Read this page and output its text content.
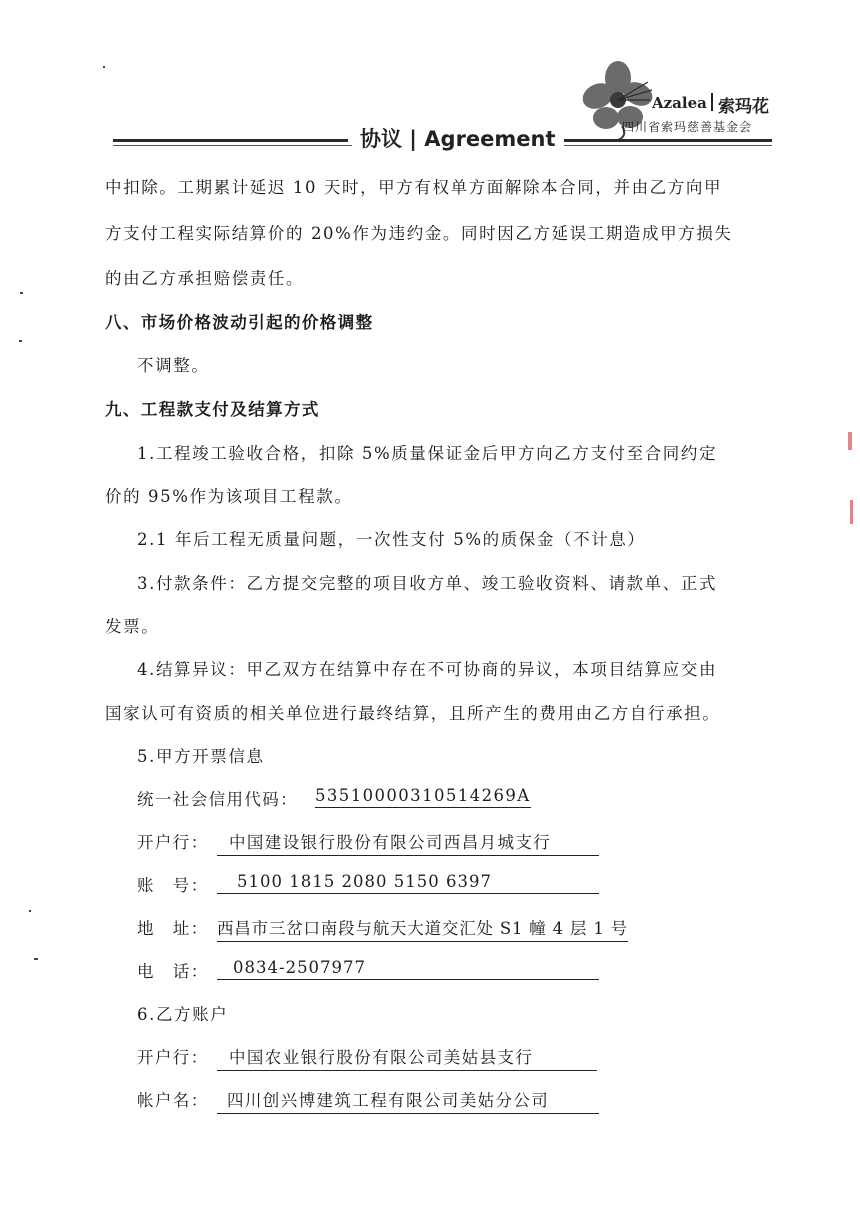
Azalea 索玛花
四川省索玛慈善基金会
协议 | Agreement
中扣除。工期累计延迟 10 天时，甲方有权单方面解除本合同，并由乙方向甲
方支付工程实际结算价的 20%作为违约金。同时因乙方延误工期造成甲方损失
的由乙方承担赔偿责任。
八、市场价格波动引起的价格调整
不调整。
九、工程款支付及结算方式
1.工程竣工验收合格，扣除 5%质量保证金后甲方向乙方支付至合同约定
价的 95%作为该项目工程款。
2.1 年后工程无质量问题，一次性支付 5%的质保金（不计息）
3.付款条件：乙方提交完整的项目收方单、竣工验收资料、请款单、正式
发票。
4.结算异议：甲乙双方在结算中存在不可协商的异议，本项目结算应交由
国家认可有资质的相关单位进行最终结算，且所产生的费用由乙方自行承担。
5.甲方开票信息
统一社会信用代码： 53510000310514269A
开户行：	中国建设银行股份有限公司西昌月城支行
账　号：	5100 1815 2080 5150 6397
地　址： 西昌市三岔口南段与航天大道交汇处 S1 幢 4 层 1 号
电　话：	0834-2507977
6.乙方账户
开户行：	中国农业银行股份有限公司美姑县支行
帐户名：	四川创兴博建筑工程有限公司美姑分公司
